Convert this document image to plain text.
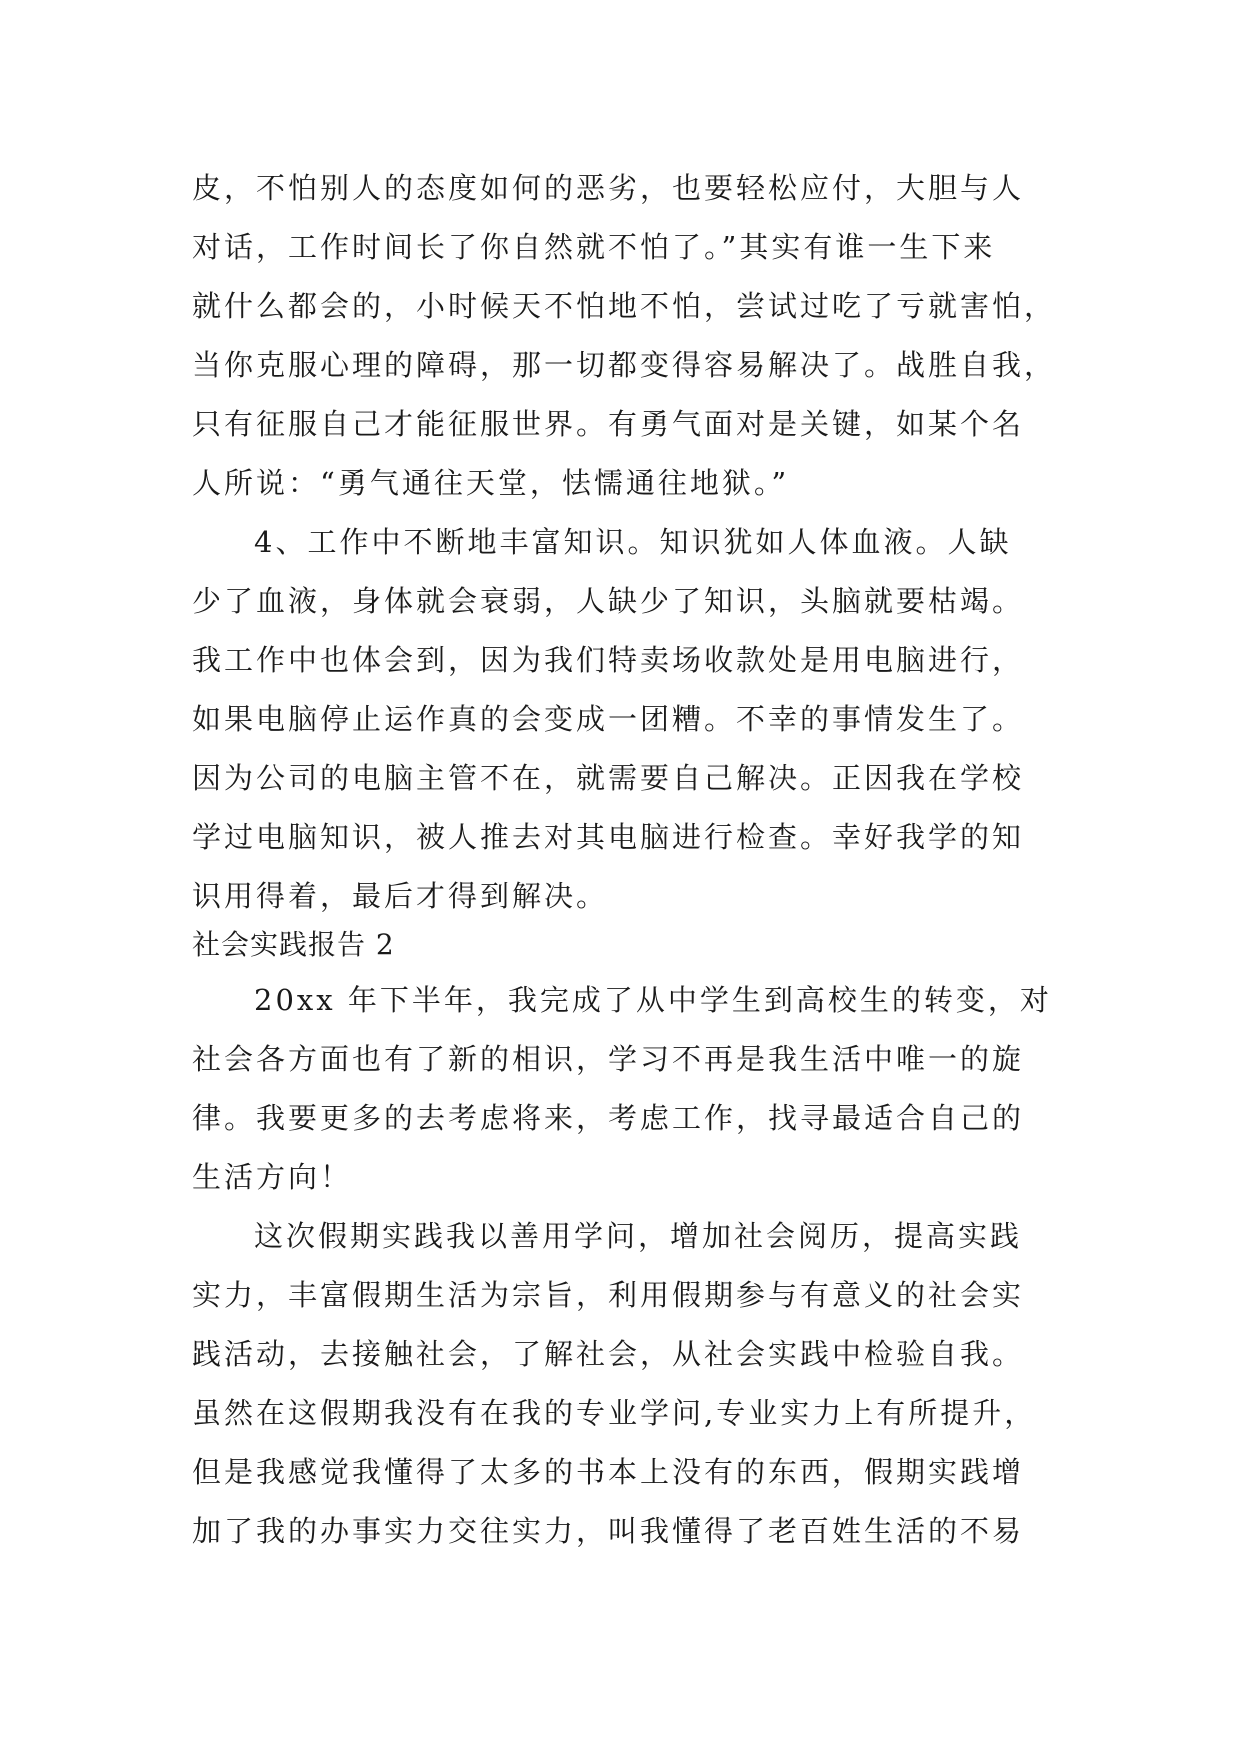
皮，不怕别人的态度如何的恶劣，也要轻松应付，大胆与人
对话，工作时间长了你自然就不怕了。”其实有谁一生下来
就什么都会的，小时候天不怕地不怕，尝试过吃了亏就害怕，
当你克服心理的障碍，那一切都变得容易解决了。战胜自我，
只有征服自己才能征服世界。有勇气面对是关键，如某个名
人所说：“勇气通往天堂，怯懦通往地狱。”
4、工作中不断地丰富知识。知识犹如人体血液。人缺
少了血液，身体就会衰弱，人缺少了知识，头脑就要枯竭。
我工作中也体会到，因为我们特卖场收款处是用电脑进行，
如果电脑停止运作真的会变成一团糟。不幸的事情发生了。
因为公司的电脑主管不在，就需要自己解决。正因我在学校
学过电脑知识，被人推去对其电脑进行检查。幸好我学的知
识用得着，最后才得到解决。
社会实践报告 2
20xx 年下半年，我完成了从中学生到高校生的转变，对
社会各方面也有了新的相识，学习不再是我生活中唯一的旋
律。我要更多的去考虑将来，考虑工作，找寻最适合自己的
生活方向！
这次假期实践我以善用学问，增加社会阅历，提高实践
实力，丰富假期生活为宗旨，利用假期参与有意义的社会实
践活动，去接触社会，了解社会，从社会实践中检验自我。
虽然在这假期我没有在我的专业学问,专业实力上有所提升，
但是我感觉我懂得了太多的书本上没有的东西，假期实践增
加了我的办事实力交往实力，叫我懂得了老百姓生活的不易
